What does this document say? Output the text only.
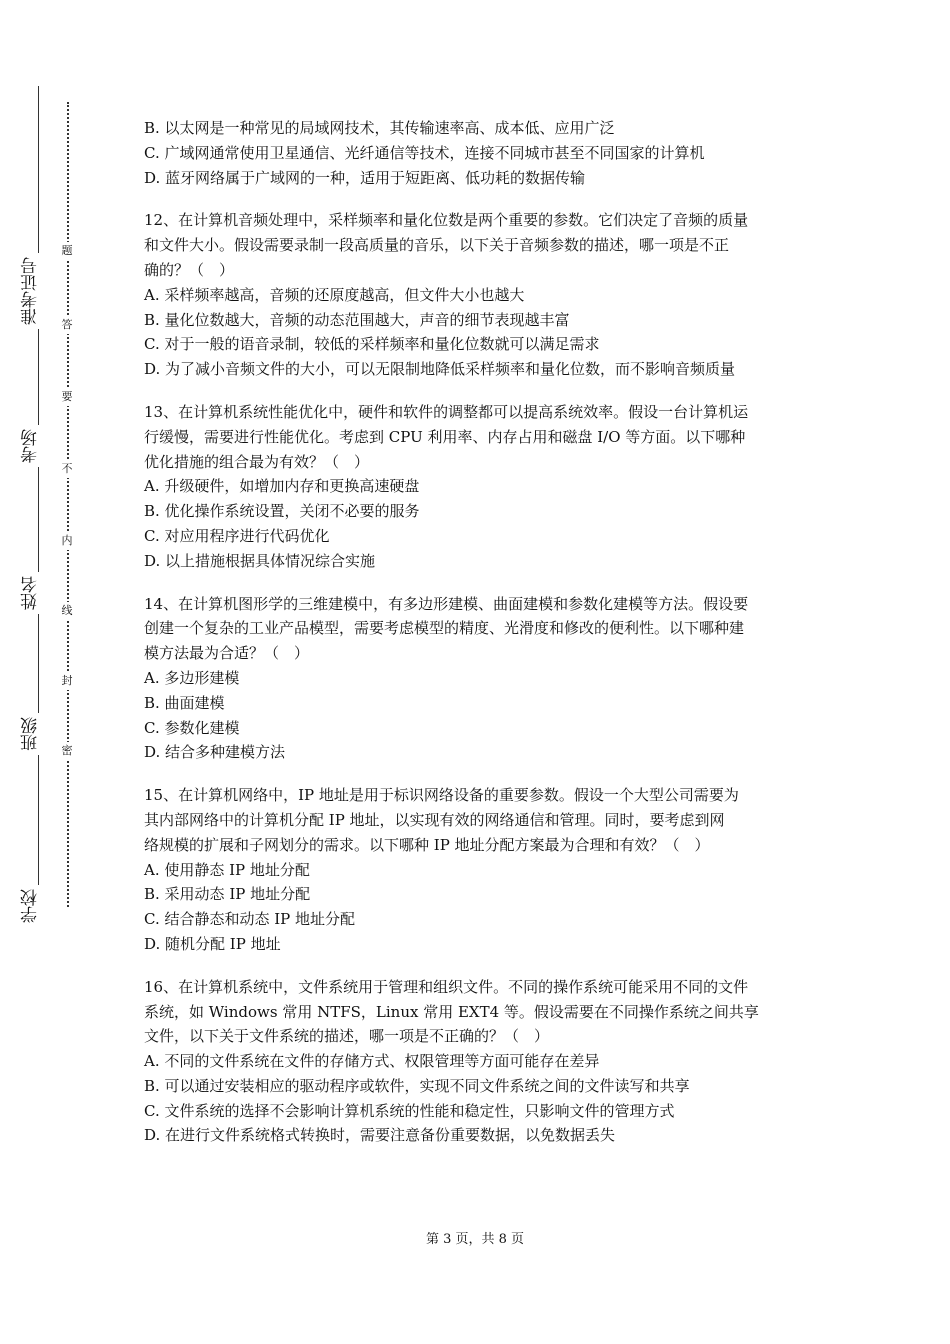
准考证号
考场
姓名
班级
学校
题
答
要
不
内
线
封
密

B. 以太网是一种常见的局域网技术，其传输速率高、成本低、应用广泛

C. 广域网通常使用卫星通信、光纤通信等技术，连接不同城市甚至不同国家的计算机

D. 蓝牙网络属于广域网的一种，适用于短距离、低功耗的数据传输

12、在计算机音频处理中，采样频率和量化位数是两个重要的参数。它们决定了音频的质量

和文件大小。假设需要录制一段高质量的音乐，以下关于音频参数的描述，哪一项是不正

确的？（　）

A. 采样频率越高，音频的还原度越高，但文件大小也越大

B. 量化位数越大，音频的动态范围越大，声音的细节表现越丰富

C. 对于一般的语音录制，较低的采样频率和量化位数就可以满足需求

D. 为了减小音频文件的大小，可以无限制地降低采样频率和量化位数，而不影响音频质量

13、在计算机系统性能优化中，硬件和软件的调整都可以提高系统效率。假设一台计算机运

行缓慢，需要进行性能优化。考虑到 CPU 利用率、内存占用和磁盘 I/O 等方面。以下哪种

优化措施的组合最为有效？（　）

A. 升级硬件，如增加内存和更换高速硬盘

B. 优化操作系统设置，关闭不必要的服务

C. 对应用程序进行代码优化

D. 以上措施根据具体情况综合实施

14、在计算机图形学的三维建模中，有多边形建模、曲面建模和参数化建模等方法。假设要

创建一个复杂的工业产品模型，需要考虑模型的精度、光滑度和修改的便利性。以下哪种建

模方法最为合适？（　）

A. 多边形建模

B. 曲面建模

C. 参数化建模

D. 结合多种建模方法

15、在计算机网络中，IP 地址是用于标识网络设备的重要参数。假设一个大型公司需要为

其内部网络中的计算机分配 IP 地址，以实现有效的网络通信和管理。同时，要考虑到网

络规模的扩展和子网划分的需求。以下哪种 IP 地址分配方案最为合理和有效？（　）

A. 使用静态 IP 地址分配

B. 采用动态 IP 地址分配

C. 结合静态和动态 IP 地址分配

D. 随机分配 IP 地址

16、在计算机系统中，文件系统用于管理和组织文件。不同的操作系统可能采用不同的文件

系统，如 Windows 常用 NTFS，Linux 常用 EXT4 等。假设需要在不同操作系统之间共享

文件，以下关于文件系统的描述，哪一项是不正确的？（　）

A. 不同的文件系统在文件的存储方式、权限管理等方面可能存在差异

B. 可以通过安装相应的驱动程序或软件，实现不同文件系统之间的文件读写和共享

C. 文件系统的选择不会影响计算机系统的性能和稳定性，只影响文件的管理方式

D. 在进行文件系统格式转换时，需要注意备份重要数据，以免数据丢失

第 3 页，共 8 页
